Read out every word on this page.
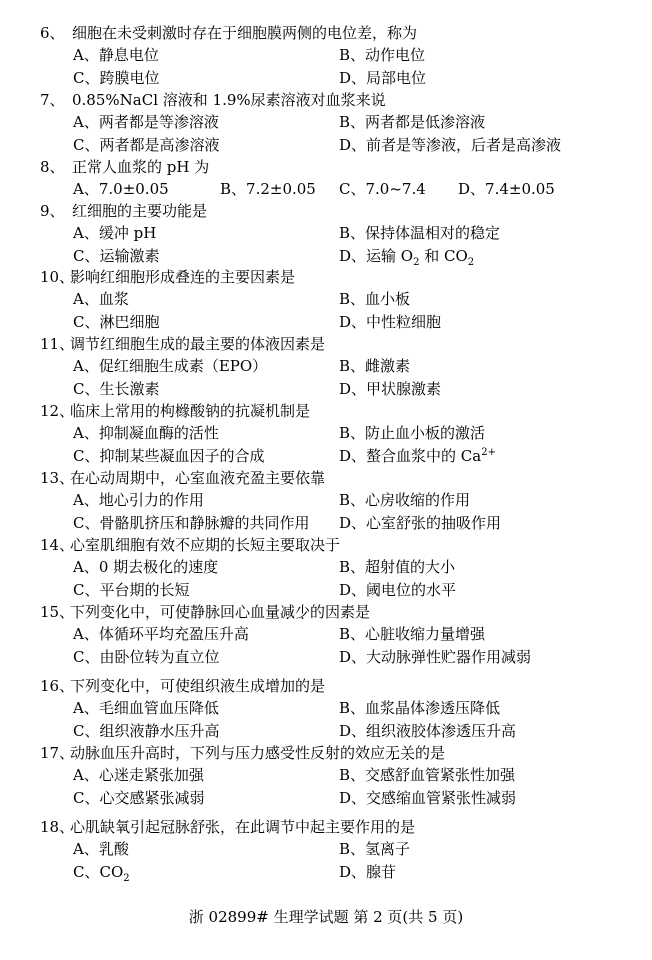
6、 细胞在未受刺激时存在于细胞膜两侧的电位差，称为
A、静息电位	B、动作电位
C、跨膜电位	D、局部电位
7、 0.85%NaCl 溶液和 1.9%尿素溶液对血浆来说
A、两者都是等渗溶液	B、两者都是低渗溶液
C、两者都是高渗溶液	D、前者是等渗液，后者是高渗液
8、 正常人血浆的 pH 为
A、7.0±0.05	B、7.2±0.05 C、7.0~7.4 D、7.4±0.05
9、 红细胞的主要功能是
A、缓冲 pH	B、保持体温相对的稳定
C、运输激素	D、运输 $O_2$ 和 $CO_2$
10、
影响红细胞形成叠连的主要因素是
A、血浆	B、血小板
C、淋巴细胞	D、中性粒细胞
11、
调节红细胞生成的最主要的体液因素是
A、促红细胞生成素（EPO）	B、雌激素
C、生长激素	D、甲状腺激素
12、
临床上常用的枸橼酸钠的抗凝机制是
A、抑制凝血酶的活性	B、防止血小板的激活
C、抑制某些凝血因子的合成	D、螯合血浆中的 $Ca^{2+}$
13、
在心动周期中，心室血液充盈主要依靠
A、地心引力的作用	B、心房收缩的作用
C、骨骼肌挤压和静脉瓣的共同作用 D、心室舒张的抽吸作用
14、
心室肌细胞有效不应期的长短主要取决于
A、0 期去极化的速度	B、超射值的大小
C、平台期的长短	D、阈电位的水平
15、
下列变化中，可使静脉回心血量减少的因素是
A、体循环平均充盈压升高	B、心脏收缩力量增强
C、由卧位转为直立位	D、大动脉弹性贮器作用减弱
16、
下列变化中，可使组织液生成增加的是
A、毛细血管血压降低	B、血浆晶体渗透压降低
C、组织液静水压升高	D、组织液胶体渗透压升高
17、
动脉血压升高时，下列与压力感受性反射的效应无关的是
A、心迷走紧张加强	B、交感舒血管紧张性加强
C、心交感紧张减弱	D、交感缩血管紧张性减弱
18、
心肌缺氧引起冠脉舒张，在此调节中起主要作用的是
A、乳酸	B、氢离子
C、$CO_2$	D、腺苷
浙 02899# 生理学试题 第 2 页(共 5 页)
